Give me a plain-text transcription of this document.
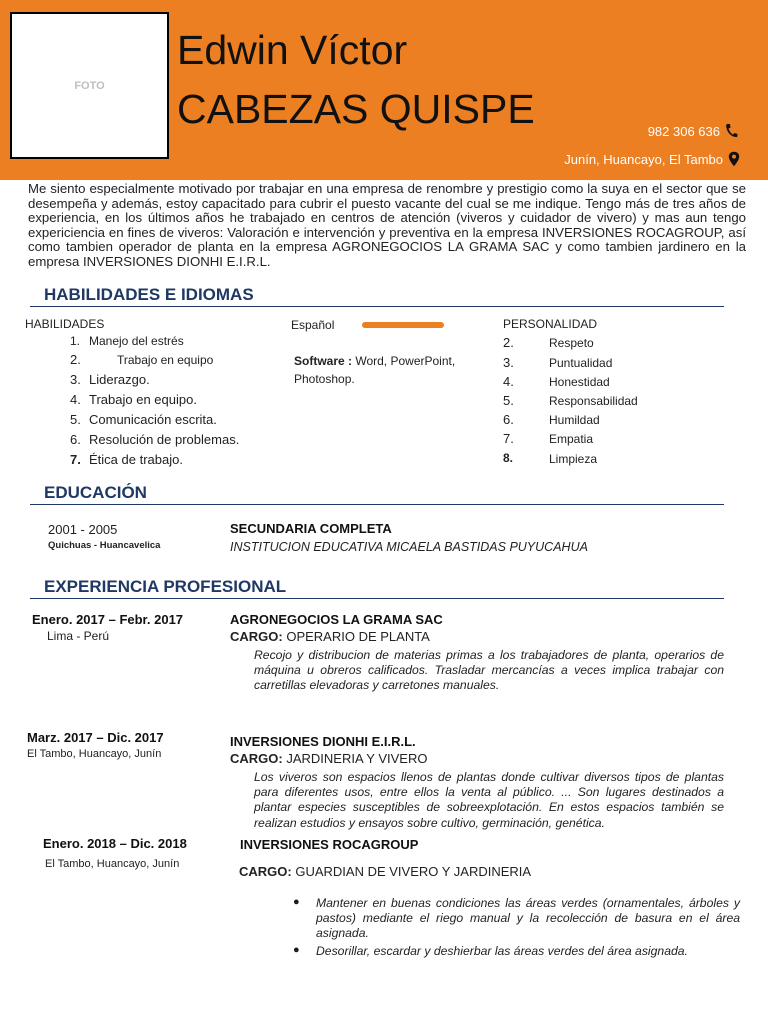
FOTO
Edwin Víctor
CABEZAS QUISPE	982 306 636
Junín, Huancayo, El Tambo
Me siento especialmente motivado por trabajar en una empresa de renombre y prestigio como la suya en el sector que se desempeña y además, estoy capacitado para cubrir el puesto vacante del cual se me indique. Tengo más de tres años de experiencia, en los últimos años he trabajado en centros de atención (viveros y cuidador de vivero) y mas aun tengo expericiencia en fines de viveros: Valoración e intervención y preventiva en la empresa INVERSIONES ROCAGROUP, así como tambien operador de planta en la empresa AGRONEGOCIOS LA GRAMA SAC y como tambien jardinero en la empresa INVERSIONES DIONHI E.I.R.L.
HABILIDADES E IDIOMAS
HABILIDADES
1. Manejo del estrés
2.	Trabajo en equipo
3. Liderazgo.
4. Trabajo en equipo.
5. Comunicación escrita.
6. Resolución de problemas.
7. Ética de trabajo.
Español
Software : Word, PowerPoint,
Photoshop.
PERSONALIDAD
2.	Respeto
3.	Puntualidad
4.	Honestidad
5.	Responsabilidad
6.	Humildad
7.	Empatia
8.	Limpieza
EDUCACIÓN
2001 - 2005
Quichuas - Huancavelica
SECUNDARIA COMPLETA
INSTITUCION EDUCATIVA MICAELA BASTIDAS PUYUCAHUA
EXPERIENCIA PROFESIONAL
Enero. 2017 – Febr. 2017
Lima - Perú
AGRONEGOCIOS LA GRAMA SAC
CARGO: OPERARIO DE PLANTA
Recojo y distribucion de materias primas a los trabajadores de planta, operarios de máquina u obreros calificados. Trasladar mercancías a veces implica trabajar con carretillas elevadoras y carretones manuales.
Marz. 2017 – Dic. 2017
El Tambo, Huancayo, Junín
INVERSIONES DIONHI E.I.R.L.
CARGO: JARDINERIA Y VIVERO
Los viveros son espacios llenos de plantas donde cultivar diversos tipos de plantas para diferentes usos, entre ellos la venta al público. ... Son lugares destinados a plantar especies susceptibles de sobreexplotación. En estos espacios también se realizan estudios y ensayos sobre cultivo, germinación, genética.
Enero. 2018 – Dic. 2018
El Tambo, Huancayo, Junín
INVERSIONES ROCAGROUP
CARGO: GUARDIAN DE VIVERO Y JARDINERIA
● Mantener en buenas condiciones las áreas verdes (ornamentales, árboles y pastos) mediante el riego manual y la recolección de basura en el área asignada.
● Desorillar, escardar y deshierbar las áreas verdes del área asignada.
